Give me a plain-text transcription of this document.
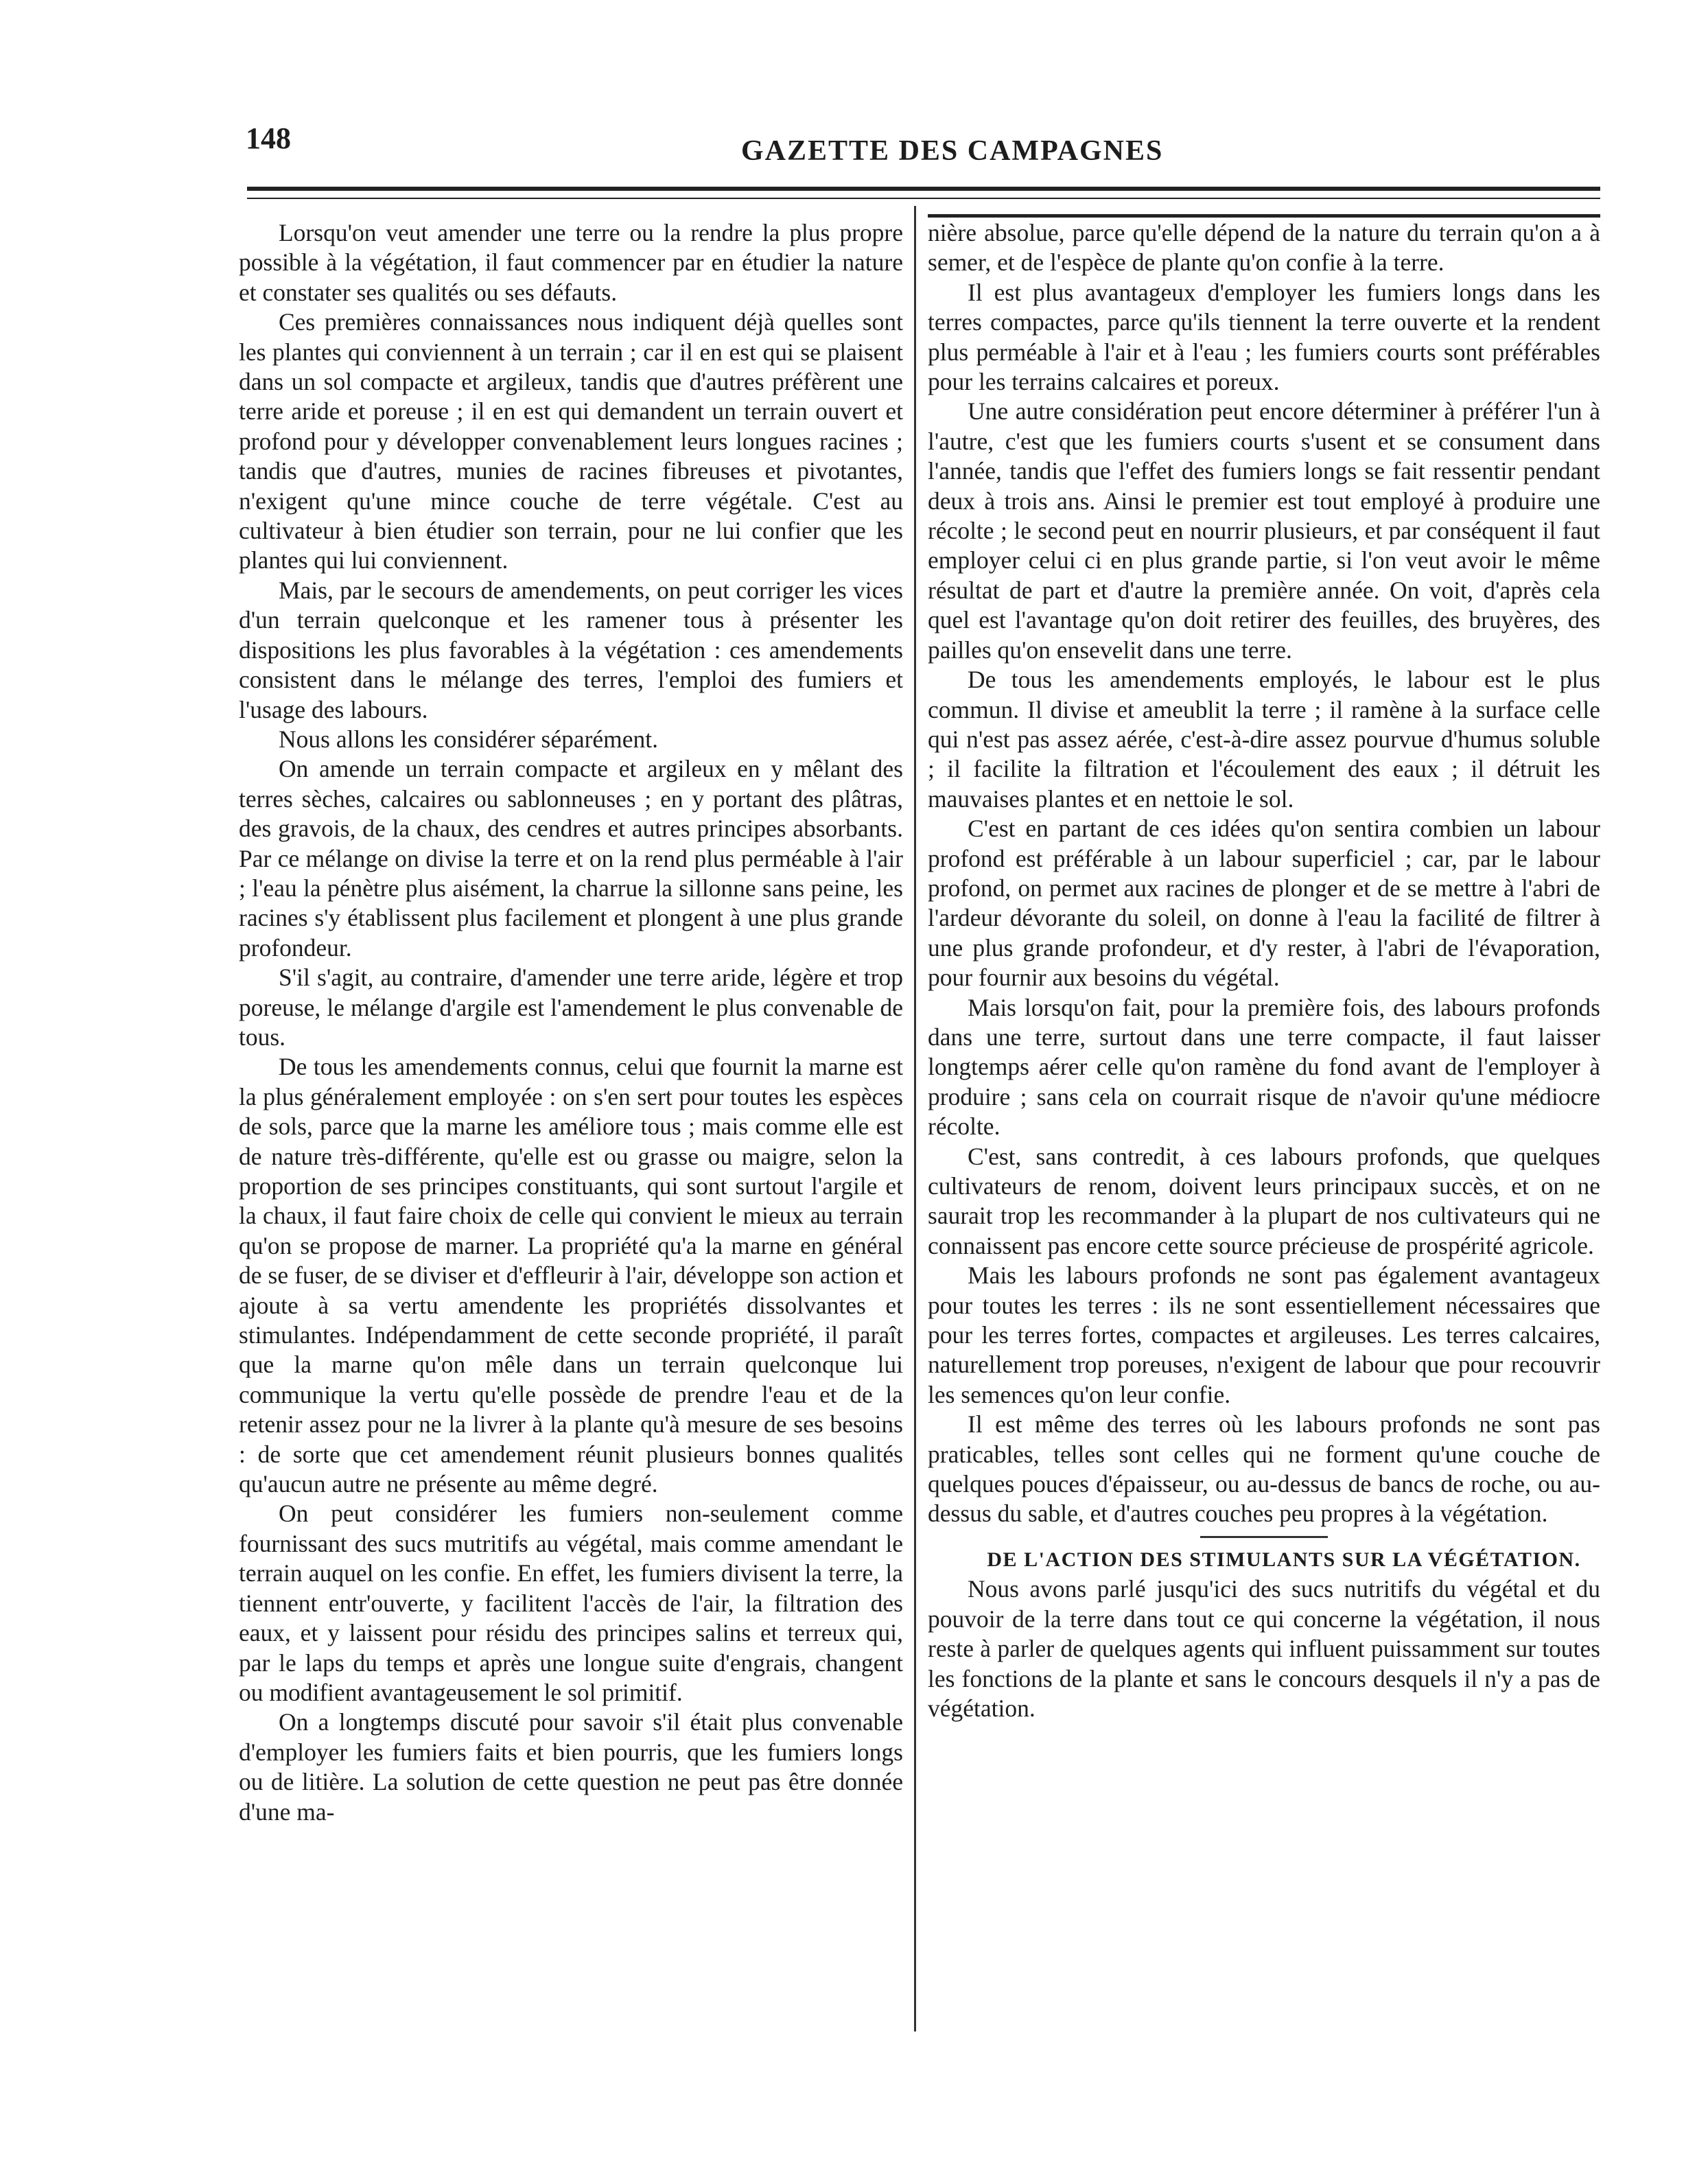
148	GAZETTE DES CAMPAGNES

Lorsqu'on veut amender une terre ou la rendre la plus propre possible à la végétation, il faut commencer par en étudier la nature et constater ses qualités ou ses défauts.

Ces premières connaissances nous indiquent déjà quelles sont les plantes qui conviennent à un terrain ; car il en est qui se plaisent dans un sol compacte et argileux, tandis que d'autres préfèrent une terre aride et poreuse ; il en est qui demandent un terrain ouvert et profond pour y développer convenablement leurs longues racines ; tandis que d'autres, munies de racines fibreuses et pivotantes, n'exigent qu'une mince couche de terre végétale. C'est au cultivateur à bien étudier son terrain, pour ne lui confier que les plantes qui lui conviennent.

Mais, par le secours de amendements, on peut corriger les vices d'un terrain quelconque et les ramener tous à présenter les dispositions les plus favorables à la végétation : ces amendements consistent dans le mélange des terres, l'emploi des fumiers et l'usage des labours.

Nous allons les considérer séparément.

On amende un terrain compacte et argileux en y mêlant des terres sèches, calcaires ou sablonneuses ; en y portant des plâtras, des gravois, de la chaux, des cendres et autres principes absorbants. Par ce mélange on divise la terre et on la rend plus perméable à l'air ; l'eau la pénètre plus aisément, la charrue la sillonne sans peine, les racines s'y établissent plus facilement et plongent à une plus grande profondeur.

S'il s'agit, au contraire, d'amender une terre aride, légère et trop poreuse, le mélange d'argile est l'amendement le plus convenable de tous.

De tous les amendements connus, celui que fournit la marne est la plus généralement employée : on s'en sert pour toutes les espèces de sols, parce que la marne les améliore tous ; mais comme elle est de nature très-différente, qu'elle est ou grasse ou maigre, selon la proportion de ses principes constituants, qui sont surtout l'argile et la chaux, il faut faire choix de celle qui convient le mieux au terrain qu'on se propose de marner. La propriété qu'a la marne en général de se fuser, de se diviser et d'effleurir à l'air, développe son action et ajoute à sa vertu amendente les propriétés dissolvantes et stimulantes. Indépendamment de cette seconde propriété, il paraît que la marne qu'on mêle dans un terrain quelconque lui communique la vertu qu'elle possède de prendre l'eau et de la retenir assez pour ne la livrer à la plante qu'à mesure de ses besoins : de sorte que cet amendement réunit plusieurs bonnes qualités qu'aucun autre ne présente au même degré.

On peut considérer les fumiers non-seulement comme fournissant des sucs mutritifs au végétal, mais comme amendant le terrain auquel on les confie. En effet, les fumiers divisent la terre, la tiennent entr'ouverte, y facilitent l'accès de l'air, la filtration des eaux, et y laissent pour résidu des principes salins et terreux qui, par le laps du temps et après une longue suite d'engrais, changent ou modifient avantageusement le sol primitif.

On a longtemps discuté pour savoir s'il était plus convenable d'employer les fumiers faits et bien pourris, que les fumiers longs ou de litière. La solution de cette question ne peut pas être donnée d'une ma-

nière absolue, parce qu'elle dépend de la nature du terrain qu'on a à semer, et de l'espèce de plante qu'on confie à la terre.

Il est plus avantageux d'employer les fumiers longs dans les terres compactes, parce qu'ils tiennent la terre ouverte et la rendent plus perméable à l'air et à l'eau ; les fumiers courts sont préférables pour les terrains calcaires et poreux.

Une autre considération peut encore déterminer à préférer l'un à l'autre, c'est que les fumiers courts s'usent et se consument dans l'année, tandis que l'effet des fumiers longs se fait ressentir pendant deux à trois ans. Ainsi le premier est tout employé à produire une récolte ; le second peut en nourrir plusieurs, et par conséquent il faut employer celui ci en plus grande partie, si l'on veut avoir le même résultat de part et d'autre la première année. On voit, d'après cela quel est l'avantage qu'on doit retirer des feuilles, des bruyères, des pailles qu'on ensevelit dans une terre.

De tous les amendements employés, le labour est le plus commun. Il divise et ameublit la terre ; il ramène à la surface celle qui n'est pas assez aérée, c'est-à-dire assez pourvue d'humus soluble ; il facilite la filtration et l'écoulement des eaux ; il détruit les mauvaises plantes et en nettoie le sol.

C'est en partant de ces idées qu'on sentira combien un labour profond est préférable à un labour superficiel ; car, par le labour profond, on permet aux racines de plonger et de se mettre à l'abri de l'ardeur dévorante du soleil, on donne à l'eau la facilité de filtrer à une plus grande profondeur, et d'y rester, à l'abri de l'évaporation, pour fournir aux besoins du végétal.

Mais lorsqu'on fait, pour la première fois, des labours profonds dans une terre, surtout dans une terre compacte, il faut laisser longtemps aérer celle qu'on ramène du fond avant de l'employer à produire ; sans cela on courrait risque de n'avoir qu'une médiocre récolte.

C'est, sans contredit, à ces labours profonds, que quelques cultivateurs de renom, doivent leurs principaux succès, et on ne saurait trop les recommander à la plupart de nos cultivateurs qui ne connaissent pas encore cette source précieuse de prospérité agricole.

Mais les labours profonds ne sont pas également avantageux pour toutes les terres : ils ne sont essentiellement nécessaires que pour les terres fortes, compactes et argileuses. Les terres calcaires, naturellement trop poreuses, n'exigent de labour que pour recouvrir les semences qu'on leur confie.

Il est même des terres où les labours profonds ne sont pas praticables, telles sont celles qui ne forment qu'une couche de quelques pouces d'épaisseur, ou au-dessus de bancs de roche, ou au-dessus du sable, et d'autres couches peu propres à la végétation.

DE L'ACTION DES STIMULANTS SUR LA VÉGÉTATION.

Nous avons parlé jusqu'ici des sucs nutritifs du végétal et du pouvoir de la terre dans tout ce qui concerne la végétation, il nous reste à parler de quelques agents qui influent puissamment sur toutes les fonctions de la plante et sans le concours desquels il n'y a pas de végétation.
